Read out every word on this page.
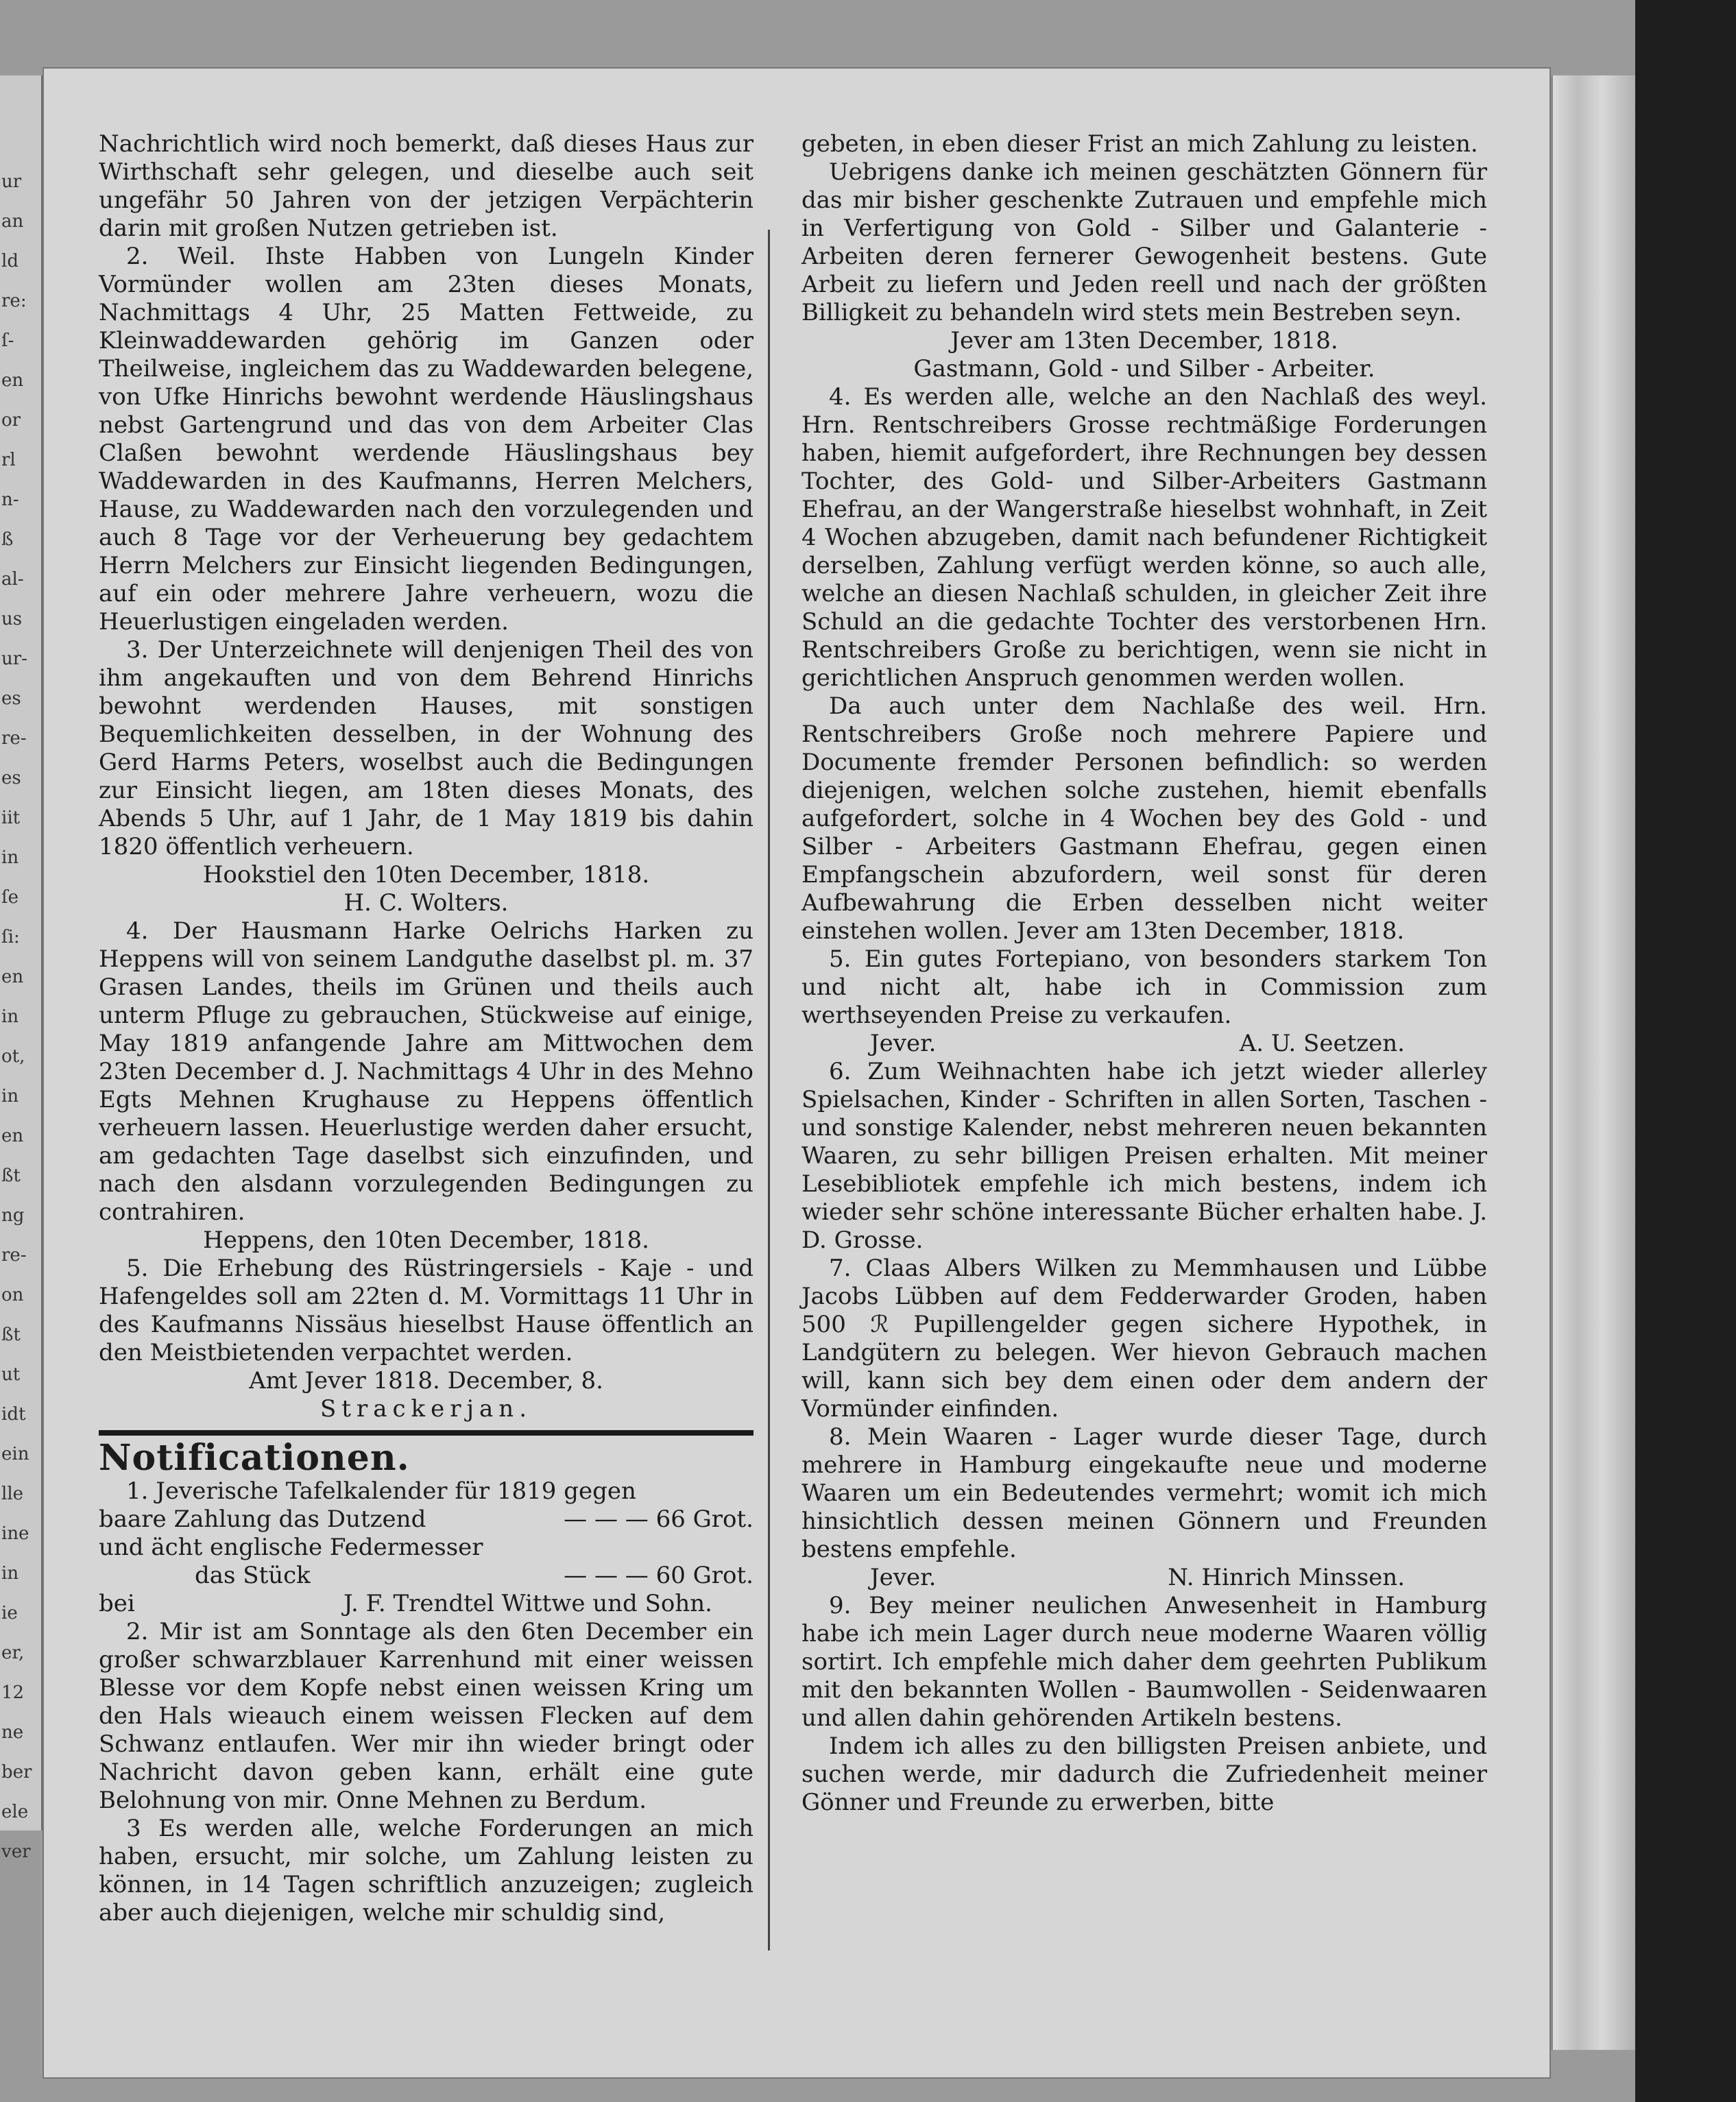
ur
an
ld
re:
ſ-
en
or
rl
n-
ß
al-
us
ur-
es
re-
es
iit
in
ſe
ſi:
en
in
ot,
in
en
ßt
ng
re-
on
ßt
ut
idt
ein
lle
ine
in
ie
er,
12
ne
ber
ele
ver

Nachrichtlich wird noch bemerkt, daß dieses Haus zur Wirthschaft sehr gelegen, und dieselbe auch seit ungefähr 50 Jahren von der jetzigen Verpächterin darin mit großen Nutzen getrieben ist.

2. Weil. Ihste Habben von Lungeln Kinder Vormünder wollen am 23ten dieses Monats, Nachmittags 4 Uhr, 25 Matten Fettweide, zu Kleinwaddewarden gehörig im Ganzen oder Theilweise, ingleichem das zu Waddewarden belegene, von Ufke Hinrichs bewohnt werdende Häuslingshaus nebst Gartengrund und das von dem Arbeiter Clas Claßen bewohnt werdende Häuslingshaus bey Waddewarden in des Kaufmanns, Herren Melchers, Hause, zu Waddewarden nach den vorzulegenden und auch 8 Tage vor der Verheuerung bey gedachtem Herrn Melchers zur Einsicht liegenden Bedingungen, auf ein oder mehrere Jahre verheuern, wozu die Heuerlustigen eingeladen werden.

3. Der Unterzeichnete will denjenigen Theil des von ihm angekauften und von dem Behrend Hinrichs bewohnt werdenden Hauses, mit sonstigen Bequemlichkeiten desselben, in der Wohnung des Gerd Harms Peters, woselbst auch die Bedingungen zur Einsicht liegen, am 18ten dieses Monats, des Abends 5 Uhr, auf 1 Jahr, de 1 May 1819 bis dahin 1820 öffentlich verheuern.

Hookstiel den 10ten December, 1818.

H. C. Wolters.

4. Der Hausmann Harke Oelrichs Harken zu Heppens will von seinem Landguthe daselbst pl. m. 37 Grasen Landes, theils im Grünen und theils auch unterm Pfluge zu gebrauchen, Stückweise auf einige, May 1819 anfangende Jahre am Mittwochen dem 23ten December d. J. Nachmittags 4 Uhr in des Mehno Egts Mehnen Krughause zu Heppens öffentlich verheuern lassen. Heuerlustige werden daher ersucht, am gedachten Tage daselbst sich einzufinden, und nach den alsdann vorzulegenden Bedingungen zu contrahiren.

Heppens, den 10ten December, 1818.

5. Die Erhebung des Rüstringersiels - Kaje - und Hafengeldes soll am 22ten d. M. Vormittags 11 Uhr in des Kaufmanns Nissäus hieselbst Hause öffentlich an den Meistbietenden verpachtet werden.

Amt Jever 1818. December, 8.

Strackerjan.

Notificationen.

1. Jeverische Tafelkalender für 1819 gegen

baare Zahlung das Dutzend	— — — 66 Grot.

und ächt englische Federmesser

das Stück	— — — 60 Grot.
bei	J. F. Trendtel Wittwe und Sohn.

2. Mir ist am Sonntage als den 6ten December ein großer schwarzblauer Karrenhund mit einer weissen Blesse vor dem Kopfe nebst einen weissen Kring um den Hals wieauch einem weissen Flecken auf dem Schwanz entlaufen. Wer mir ihn wieder bringt oder Nachricht davon geben kann, erhält eine gute Belohnung von mir. Onne Mehnen zu Berdum.

3 Es werden alle, welche Forderungen an mich haben, ersucht, mir solche, um Zahlung leisten zu können, in 14 Tagen schriftlich anzuzeigen; zugleich aber auch diejenigen, welche mir schuldig sind,

gebeten, in eben dieser Frist an mich Zahlung zu leisten.

Uebrigens danke ich meinen geschätzten Gönnern für das mir bisher geschenkte Zutrauen und empfehle mich in Verfertigung von Gold - Silber und Galanterie - Arbeiten deren fernerer Gewogenheit bestens. Gute Arbeit zu liefern und Jeden reell und nach der größten Billigkeit zu behandeln wird stets mein Bestreben seyn.

Jever am 13ten December, 1818.

Gastmann, Gold - und Silber - Arbeiter.

4. Es werden alle, welche an den Nachlaß des weyl. Hrn. Rentschreibers Grosse rechtmäßige Forderungen haben, hiemit aufgefordert, ihre Rechnungen bey dessen Tochter, des Gold- und Silber-Arbeiters Gastmann Ehefrau, an der Wangerstraße hieselbst wohnhaft, in Zeit 4 Wochen abzugeben, damit nach befundener Richtigkeit derselben, Zahlung verfügt werden könne, so auch alle, welche an diesen Nachlaß schulden, in gleicher Zeit ihre Schuld an die gedachte Tochter des verstorbenen Hrn. Rentschreibers Große zu berichtigen, wenn sie nicht in gerichtlichen Anspruch genommen werden wollen.

Da auch unter dem Nachlaße des weil. Hrn. Rentschreibers Große noch mehrere Papiere und Documente fremder Personen befindlich: so werden diejenigen, welchen solche zustehen, hiemit ebenfalls aufgefordert, solche in 4 Wochen bey des Gold - und Silber - Arbeiters Gastmann Ehefrau, gegen einen Empfangschein abzufordern, weil sonst für deren Aufbewahrung die Erben desselben nicht weiter einstehen wollen. Jever am 13ten December, 1818.

5. Ein gutes Fortepiano, von besonders starkem Ton und nicht alt, habe ich in Commission zum werthseyenden Preise zu verkaufen.

Jever.	A. U. Seetzen.

6. Zum Weihnachten habe ich jetzt wieder allerley Spielsachen, Kinder - Schriften in allen Sorten, Taschen - und sonstige Kalender, nebst mehreren neuen bekannten Waaren, zu sehr billigen Preisen erhalten. Mit meiner Lesebibliotek empfehle ich mich bestens, indem ich wieder sehr schöne interessante Bücher erhalten habe. J. D. Grosse.

7. Claas Albers Wilken zu Memmhausen und Lübbe Jacobs Lübben auf dem Fedderwarder Groden, haben 500 ℛ Pupillengelder gegen sichere Hypothek, in Landgütern zu belegen. Wer hievon Gebrauch machen will, kann sich bey dem einen oder dem andern der Vormünder einfinden.

8. Mein Waaren - Lager wurde dieser Tage, durch mehrere in Hamburg eingekaufte neue und moderne Waaren um ein Bedeutendes vermehrt; womit ich mich hinsichtlich dessen meinen Gönnern und Freunden bestens empfehle.

Jever.	N. Hinrich Minssen.

9. Bey meiner neulichen Anwesenheit in Hamburg habe ich mein Lager durch neue moderne Waaren völlig sortirt. Ich empfehle mich daher dem geehrten Publikum mit den bekannten Wollen - Baumwollen - Seidenwaaren und allen dahin gehörenden Artikeln bestens.

Indem ich alles zu den billigsten Preisen anbiete, und suchen werde, mir dadurch die Zufriedenheit meiner Gönner und Freunde zu erwerben, bitte
